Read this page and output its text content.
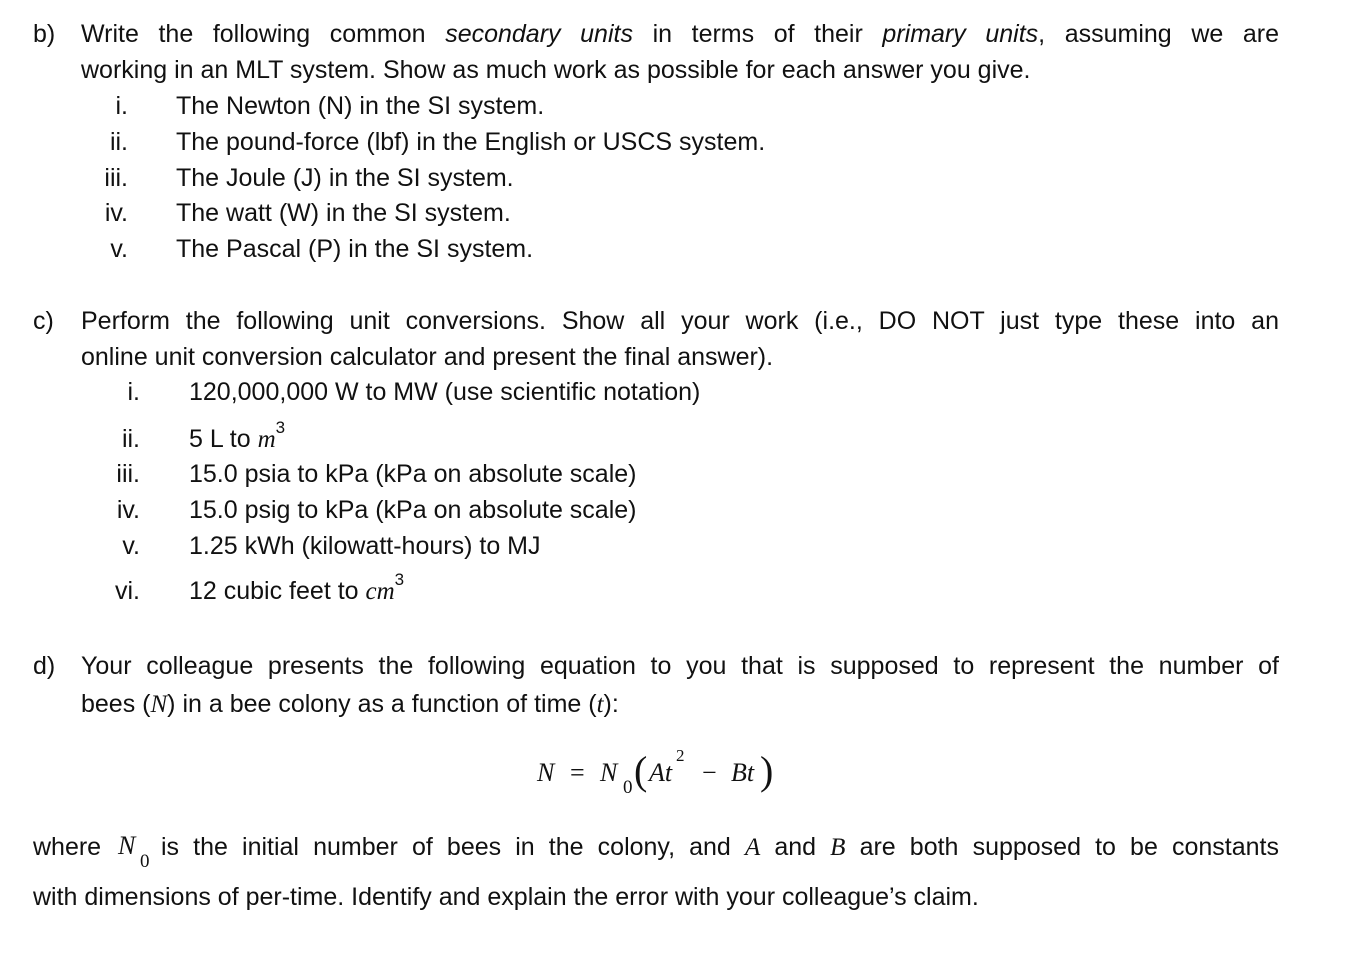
b) Write the following common secondary units in terms of their primary units, assuming we are
working in an MLT system. Show as much work as possible for each answer you give.
i. The Newton (N) in the SI system.
ii. The pound-force (lbf) in the English or USCS system.
iii. The Joule (J) in the SI system.
iv. The watt (W) in the SI system.
v. The Pascal (P) in the SI system.
c) Perform the following unit conversions. Show all your work (i.e., DO NOT just type these into an
online unit conversion calculator and present the final answer).
i. 120,000,000 W to MW (use scientific notation)
ii. 5 L to $m^3$
iii. 15.0 psia to kPa (kPa on absolute scale)
iv. 15.0 psig to kPa (kPa on absolute scale)
v. 1.25 kWh (kilowatt-hours) to MJ
vi. 12 cubic feet to $cm^3$
d) Your colleague presents the following equation to you that is supposed to represent the number of
bees (N) in a bee colony as a function of time (t):
N = N
0 ( At
2
− Bt )
where N
0
is the initial number of bees in the colony, and A and B are both supposed to be constants
with dimensions of per-time. Identify and explain the error with your colleague’s claim.
